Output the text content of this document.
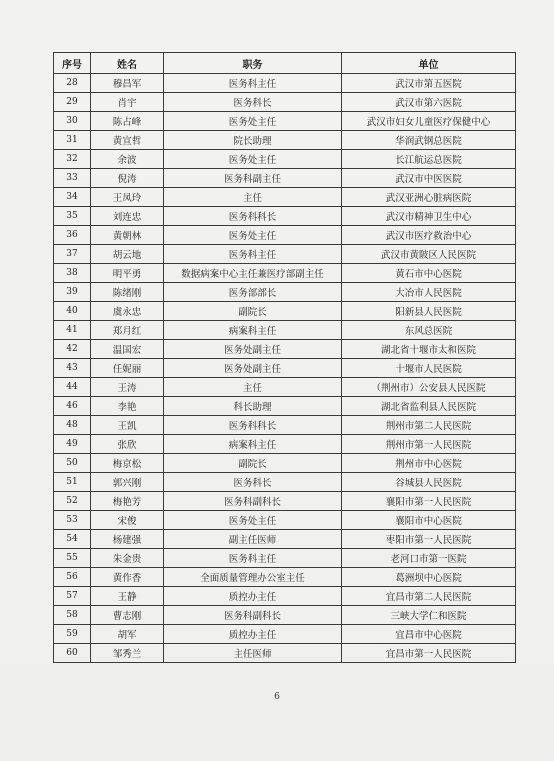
序号	姓名	职务	单位
28	穆昌军	医务科主任	武汉市第五医院
29	肖宇	医务科长	武汉市第六医院
30	陈占峰	医务处主任	武汉市妇女儿童医疗保健中心
31	黄宣哲	院长助理	华润武钢总医院
32	余波	医务处主任	长江航运总医院
33	倪涛	医务科副主任	武汉市中医医院
34	王凤玲	主任	武汉亚洲心脏病医院
35	刘连忠	医务科科长	武汉市精神卫生中心
36	黄朝林	医务处主任	武汉市医疗救治中心
37	胡云地	医务科主任	武汉市黄陂区人民医院
38	明平勇	数据病案中心主任兼医疗部副主任	黄石市中心医院
39	陈绪刚	医务部部长	大冶市人民医院
40	虞永忠	副院长	阳新县人民医院
41	郑月红	病案科主任	东风总医院
42	温国宏	医务处副主任	湖北省十堰市太和医院
43	任妮丽	医务处副主任	十堰市人民医院
44	王涛	主任	（荆州市）公安县人民医院
46	李艳	科长助理	湖北省监利县人民医院
48	王凯	医务科科长	荆州市第二人民医院
49	张欣	病案科主任	荆州市第一人民医院
50	梅京松	副院长	荆州市中心医院
51	郭兴刚	医务科长	谷城县人民医院
52	梅艳芳	医务科副科长	襄阳市第一人民医院
53	宋俊	医务处主任	襄阳市中心医院
54	杨建强	副主任医师	枣阳市第一人民医院
55	朱金贵	医务科主任	老河口市第一医院
56	黄作香	全面质量管理办公室主任	葛洲坝中心医院
57	王静	质控办主任	宜昌市第二人民医院
58	曹志刚	医务科副科长	三峡大学仁和医院
59	胡军	质控办主任	宜昌市中心医院
60	邹秀兰	主任医师	宜昌市第一人民医院
6
